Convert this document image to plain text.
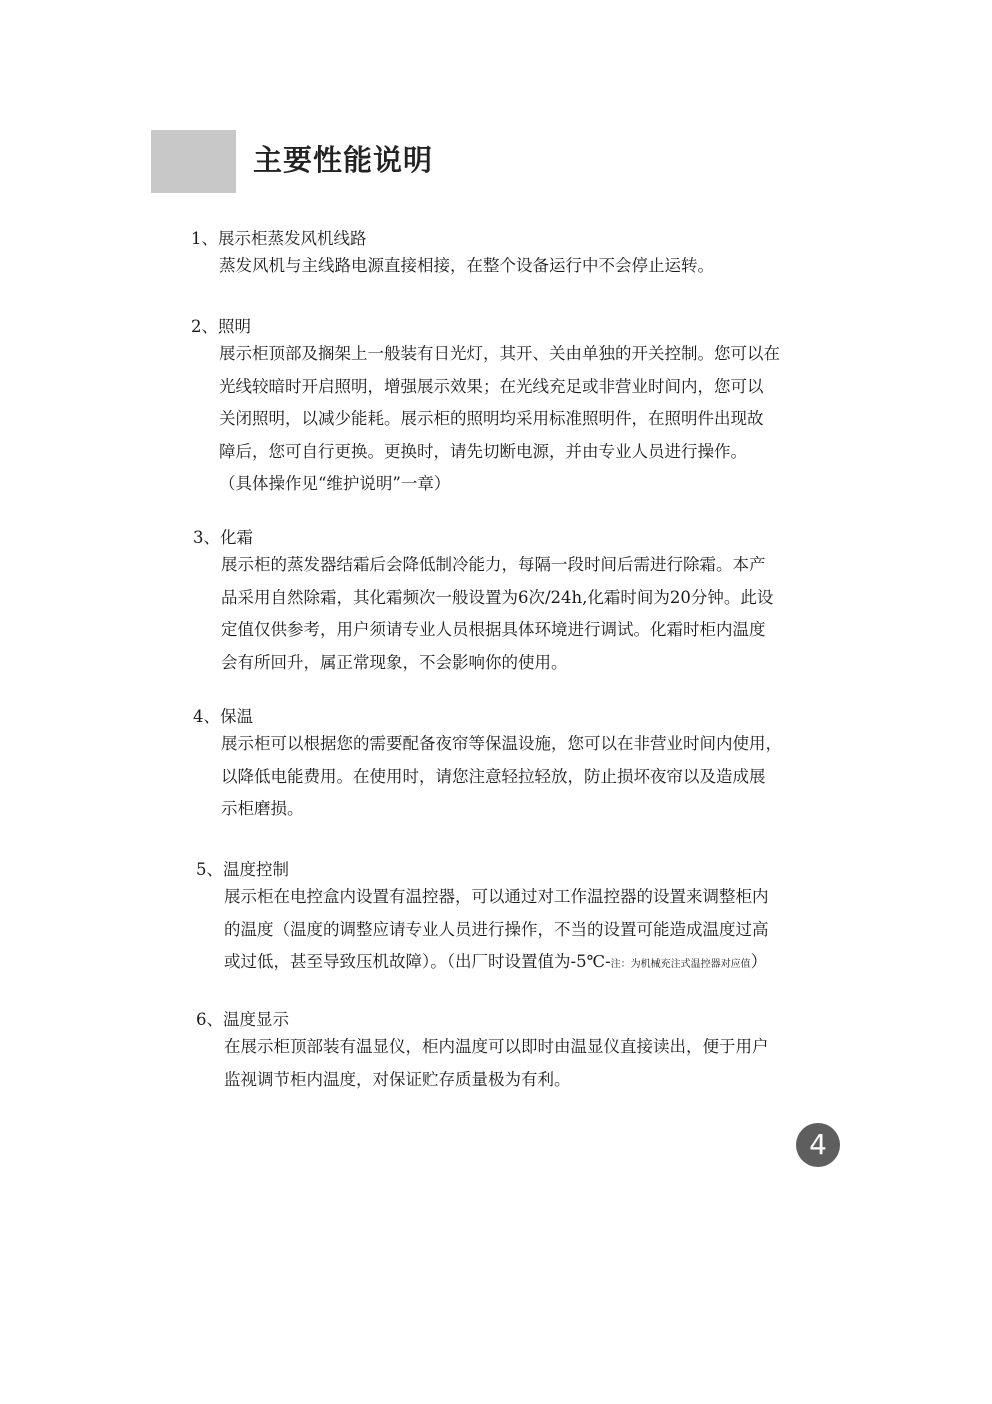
主要性能说明
1、展示柜蒸发风机线路
蒸发风机与主线路电源直接相接，在整个设备运行中不会停止运转。
2、照明
展示柜顶部及搁架上一般装有日光灯，其开、关由单独的开关控制。您可以在
光线较暗时开启照明，增强展示效果；在光线充足或非营业时间内，您可以
关闭照明，以减少能耗。展示柜的照明均采用标准照明件，在照明件出现故
障后，您可自行更换。更换时，请先切断电源，并由专业人员进行操作。
（具体操作见“维护说明”一章）
3、化霜
展示柜的蒸发器结霜后会降低制冷能力，每隔一段时间后需进行除霜。本产
品采用自然除霜，其化霜频次一般设置为6次/24h,化霜时间为20分钟。此设
定值仅供参考，用户须请专业人员根据具体环境进行调试。化霜时柜内温度
会有所回升，属正常现象，不会影响你的使用。
4、保温
展示柜可以根据您的需要配备夜帘等保温设施，您可以在非营业时间内使用，
以降低电能费用。在使用时，请您注意轻拉轻放，防止损坏夜帘以及造成展
示柜磨损。
5、温度控制
展示柜在电控盒内设置有温控器，可以通过对工作温控器的设置来调整柜内
的温度（温度的调整应请专业人员进行操作，不当的设置可能造成温度过高
或过低，甚至导致压机故障）。（出厂时设置值为-5℃-注：为机械充注式温控器对应值）
6、温度显示
在展示柜顶部装有温显仪，柜内温度可以即时由温显仪直接读出，便于用户
监视调节柜内温度，对保证贮存质量极为有利。
4
